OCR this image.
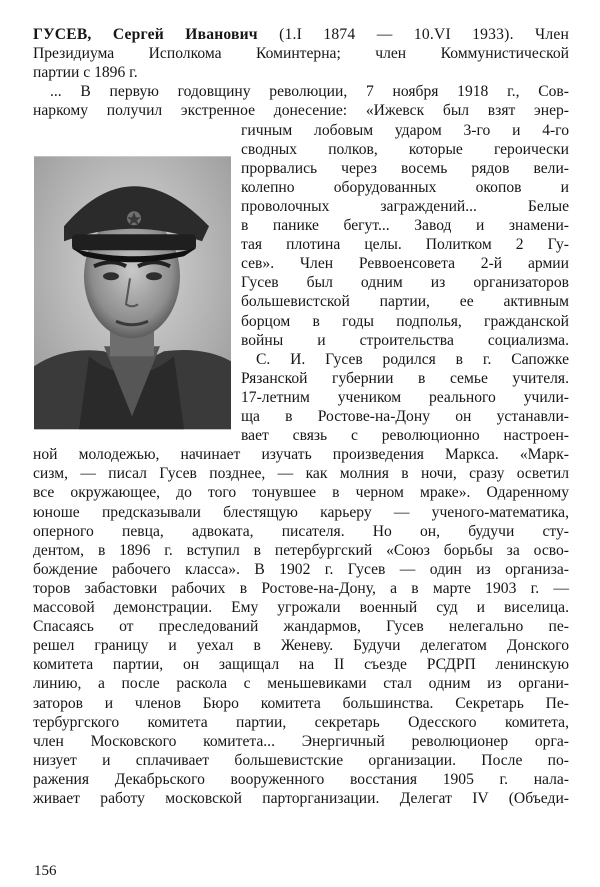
ГУСЕВ, Сергей Иванович (1.I 1874 — 10.VI 1933). Член
Президиума Исполкома Коминтерна; член Коммунистической
партии с 1896 г.
... В первую годовщину революции, 7 ноября 1918 г., Сов-
наркому получил экстренное донесение: «Ижевск был взят энер-
гичным лобовым ударом 3-го и 4-го
сводных полков, которые героически
прорвались через восемь рядов вели-
колепно оборудованных окопов и
проволочных заграждений... Белые
в панике бегут... Завод и знамени-
тая плотина целы. Политком 2 Гу-
сев». Член Реввоенсовета 2-й армии
Гусев был одним из организаторов
большевистской партии, ее активным
борцом в годы подполья, гражданской
войны и строительства социализма.
С. И. Гусев родился в г. Сапожке
Рязанской губернии в семье учителя.
17-летним учеником реального учили-
ща в Ростове-на-Дону он устанавли-
вает связь с революционно настроен-
ной молодежью, начинает изучать произведения Маркса. «Марк-
сизм, — писал Гусев позднее, — как молния в ночи, сразу осветил
все окружающее, до того тонувшее в черном мраке». Одаренному
юноше предсказывали блестящую карьеру — ученого-математика,
оперного певца, адвоката, писателя. Но он, будучи сту-
дентом, в 1896 г. вступил в петербургский «Союз борьбы за осво-
бождение рабочего класса». В 1902 г. Гусев — один из организа-
торов забастовки рабочих в Ростове-на-Дону, а в марте 1903 г. —
массовой демонстрации. Ему угрожали военный суд и виселица.
Спасаясь от преследований жандармов, Гусев нелегально пе-
решел границу и уехал в Женеву. Будучи делегатом Донского
комитета партии, он защищал на II съезде РСДРП ленинскую
линию, а после раскола с меньшевиками стал одним из органи-
заторов и членов Бюро комитета большинства. Секретарь Пе-
тербургского комитета партии, секретарь Одесского комитета,
член Московского комитета... Энергичный революционер орга-
низует и сплачивает большевистские организации. После по-
ражения Декабрьского вооруженного восстания 1905 г. нала-
живает работу московской парторганизации. Делегат IV (Объеди-
156
